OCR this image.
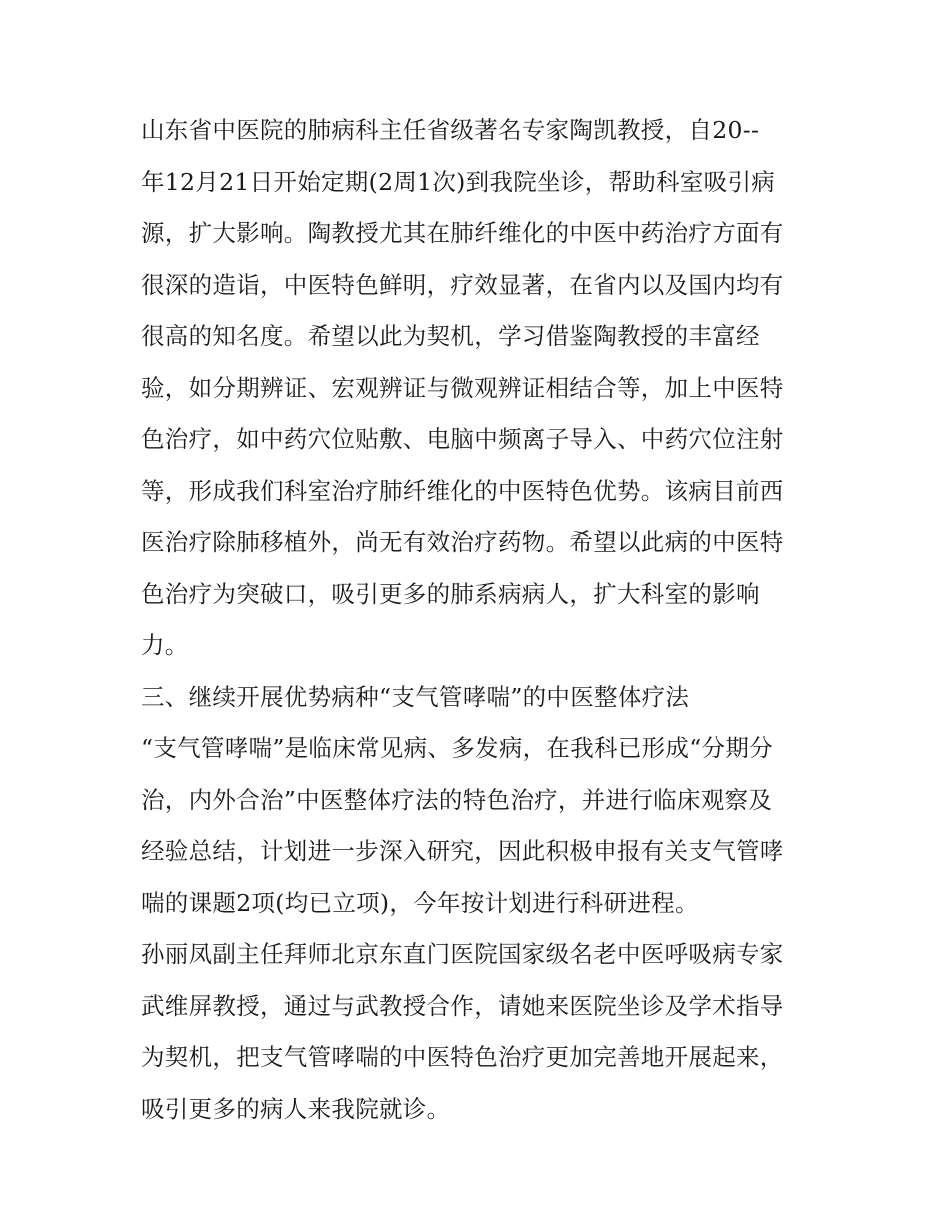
山东省中医院的肺病科主任省级著名专家陶凯教授，自20--
年12月21日开始定期(2周1次)到我院坐诊，帮助科室吸引病
源，扩大影响。陶教授尤其在肺纤维化的中医中药治疗方面有
很深的造诣，中医特色鲜明，疗效显著，在省内以及国内均有
很高的知名度。希望以此为契机，学习借鉴陶教授的丰富经
验，如分期辨证、宏观辨证与微观辨证相结合等，加上中医特
色治疗，如中药穴位贴敷、电脑中频离子导入、中药穴位注射
等，形成我们科室治疗肺纤维化的中医特色优势。该病目前西
医治疗除肺移植外，尚无有效治疗药物。希望以此病的中医特
色治疗为突破口，吸引更多的肺系病病人，扩大科室的影响
力。

三、继续开展优势病种“支气管哮喘”的中医整体疗法

“支气管哮喘”是临床常见病、多发病，在我科已形成“分期分
治，内外合治”中医整体疗法的特色治疗，并进行临床观察及
经验总结，计划进一步深入研究，因此积极申报有关支气管哮
喘的课题2项(均已立项)，今年按计划进行科研进程。

孙丽凤副主任拜师北京东直门医院国家级名老中医呼吸病专家
武维屏教授，通过与武教授合作，请她来医院坐诊及学术指导
为契机，把支气管哮喘的中医特色治疗更加完善地开展起来，
吸引更多的病人来我院就诊。
